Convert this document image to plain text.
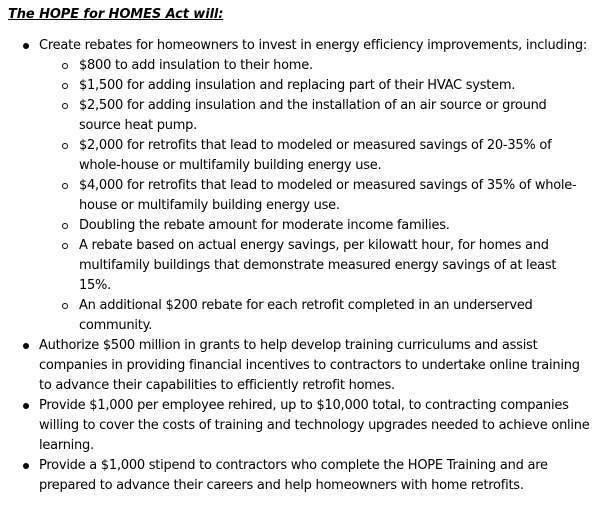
The HOPE for HOMES Act will:
Create rebates for homeowners to invest in energy efficiency improvements, including:
$800 to add insulation to their home.
$1,500 for adding insulation and replacing part of their HVAC system.
$2,500 for adding insulation and the installation of an air source or ground source heat pump.
$2,000 for retrofits that lead to modeled or measured savings of 20-35% of whole-house or multifamily building energy use.
$4,000 for retrofits that lead to modeled or measured savings of 35% of whole-house or multifamily building energy use.
Doubling the rebate amount for moderate income families.
A rebate based on actual energy savings, per kilowatt hour, for homes and multifamily buildings that demonstrate measured energy savings of at least 15%.
An additional $200 rebate for each retrofit completed in an underserved community.
Authorize $500 million in grants to help develop training curriculums and assist companies in providing financial incentives to contractors to undertake online training to advance their capabilities to efficiently retrofit homes.
Provide $1,000 per employee rehired, up to $10,000 total, to contracting companies willing to cover the costs of training and technology upgrades needed to achieve online learning.
Provide a $1,000 stipend to contractors who complete the HOPE Training and are prepared to advance their careers and help homeowners with home retrofits.
